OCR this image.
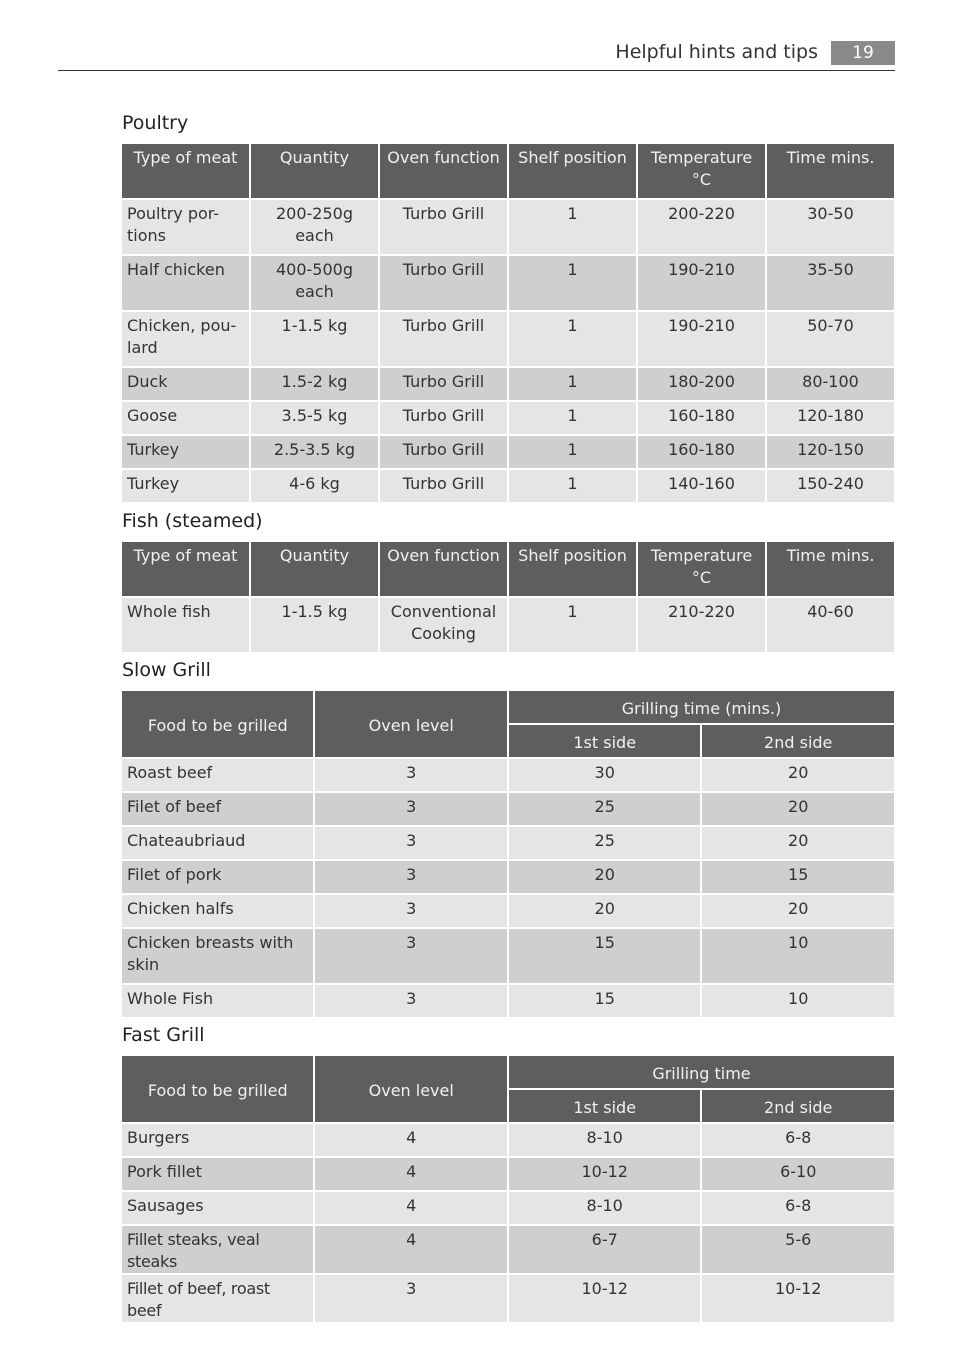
Helpful hints and tips	19
Poultry
Type of meat	Quantity	Oven function	Shelf position	Temperature °C	Time mins.
Poultry por-tions	200-250g each	Turbo Grill	1	200-220	30-50
Half chicken	400-500g each	Turbo Grill	1	190-210	35-50
Chicken, pou-lard	1-1.5 kg	Turbo Grill	1	190-210	50-70
Duck	1.5-2 kg	Turbo Grill	1	180-200	80-100
Goose	3.5-5 kg	Turbo Grill	1	160-180	120-180
Turkey	2.5-3.5 kg	Turbo Grill	1	160-180	120-150
Turkey	4-6 kg	Turbo Grill	1	140-160	150-240
Fish (steamed)
Type of meat	Quantity	Oven function	Shelf position	Temperature °C	Time mins.
Whole fish	1-1.5 kg	Conventional Cooking	1	210-220	40-60
Slow Grill
Food to be grilled	Oven level	Grilling time (mins.)	
		1st side	2nd side
Roast beef	3	30	20
Filet of beef	3	25	20
Chateaubriaud	3	25	20
Filet of pork	3	20	15
Chicken halfs	3	20	20
Chicken breasts with skin	3	15	10
Whole Fish	3	15	10
Fast Grill
Food to be grilled	Oven level	Grilling time	
		1st side	2nd side
Burgers	4	8-10	6-8
Pork fillet	4	10-12	6-10
Sausages	4	8-10	6-8
Fillet steaks, veal steaks	4	6-7	5-6
Fillet of beef, roast beef	3	10-12	10-12
